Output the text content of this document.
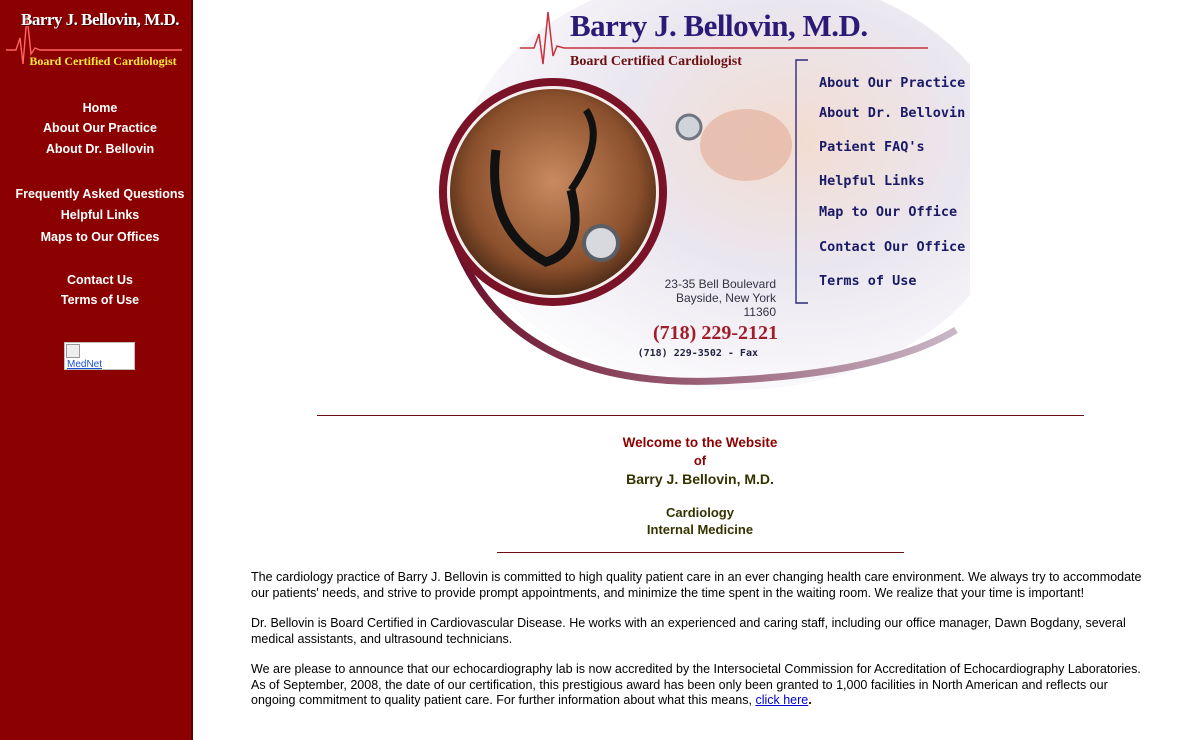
Barry J. Bellovin, M.D.
Board Certified Cardiologist
Home
About Our Practice
About Dr. Bellovin
Frequently Asked Questions
Helpful Links
Maps to Our Offices
Contact Us
Terms of Use
MedNet
Barry J. Bellovin, M.D.
Board Certified Cardiologist
About Our Practice
About Dr. Bellovin
Patient FAQ's
Helpful Links
Map to Our Office
Contact Our Office
Terms of Use
23-35 Bell Boulevard
Bayside, New York
11360
(718) 229-2121
(718) 229-3502 - Fax
Welcome to the Website
of
Barry J. Bellovin, M.D.
Cardiology
Internal Medicine

The cardiology practice of Barry J. Bellovin is committed to high quality patient care in an ever changing health care environment. We always try to accommodate our patients' needs, and strive to provide prompt appointments, and minimize the time spent in the waiting room. We realize that your time is important!

Dr. Bellovin is Board Certified in Cardiovascular Disease. He works with an experienced and caring staff, including our office manager, Dawn Bogdany, several medical assistants, and ultrasound technicians.

We are please to announce that our echocardiography lab is now accredited by the Intersocietal Commission for Accreditation of Echocardiography Laboratories. As of September, 2008, the date of our certification, this prestigious award has been only been granted to 1,000 facilities in North American and reflects our ongoing commitment to quality patient care. For further information about what this means, click here.
